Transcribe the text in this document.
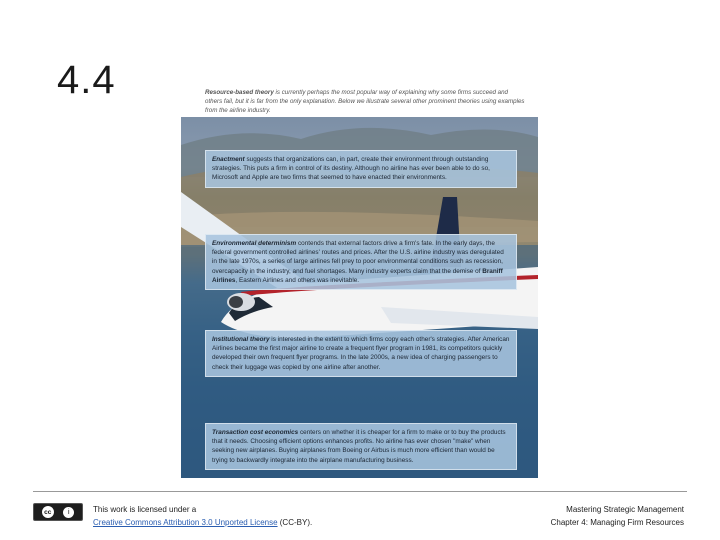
4.4	Resource-based theory is currently perhaps the most popular way of explaining why some firms succeed and others fail, but it is far from the only explanation. Below we illustrate several other prominent theories using examples from the airline industry.
Enactment suggests that organizations can, in part, create their environment through outstanding strategies. This puts a firm in control of its destiny. Although no airline has ever been able to do so, Microsoft and Apple are two firms that seemed to have enacted their environments.
Environmental determinism contends that external factors drive a firm's fate. In the early days, the federal government controlled airlines' routes and prices. After the U.S. airline industry was deregulated in the late 1970s, a series of large airlines fell prey to poor environmental conditions such as recession, overcapacity in the industry, and fuel shortages. Many industry experts claim that the demise of Braniff Airlines, Eastern Airlines and others was inevitable.
Institutional theory is interested in the extent to which firms copy each other's strategies. After American Airlines became the first major airline to create a frequent flyer program in 1981, its competitors quickly developed their own frequent flyer programs. In the late 2000s, a new idea of charging passengers to check their luggage was copied by one airline after another.
Transaction cost economics centers on whether it is cheaper for a firm to make or to buy the products that it needs. Choosing efficient options enhances profits. No airline has ever chosen "make" when seeking new airplanes. Buying airplanes from Boeing or Airbus is much more efficient than would be trying to backwardly integrate into the airplane manufacturing business.
cc	i	This work is licensed under a
Creative Commons Attribution 3.0 Unported License (CC-BY).
Mastering Strategic Management
Chapter 4: Managing Firm Resources
